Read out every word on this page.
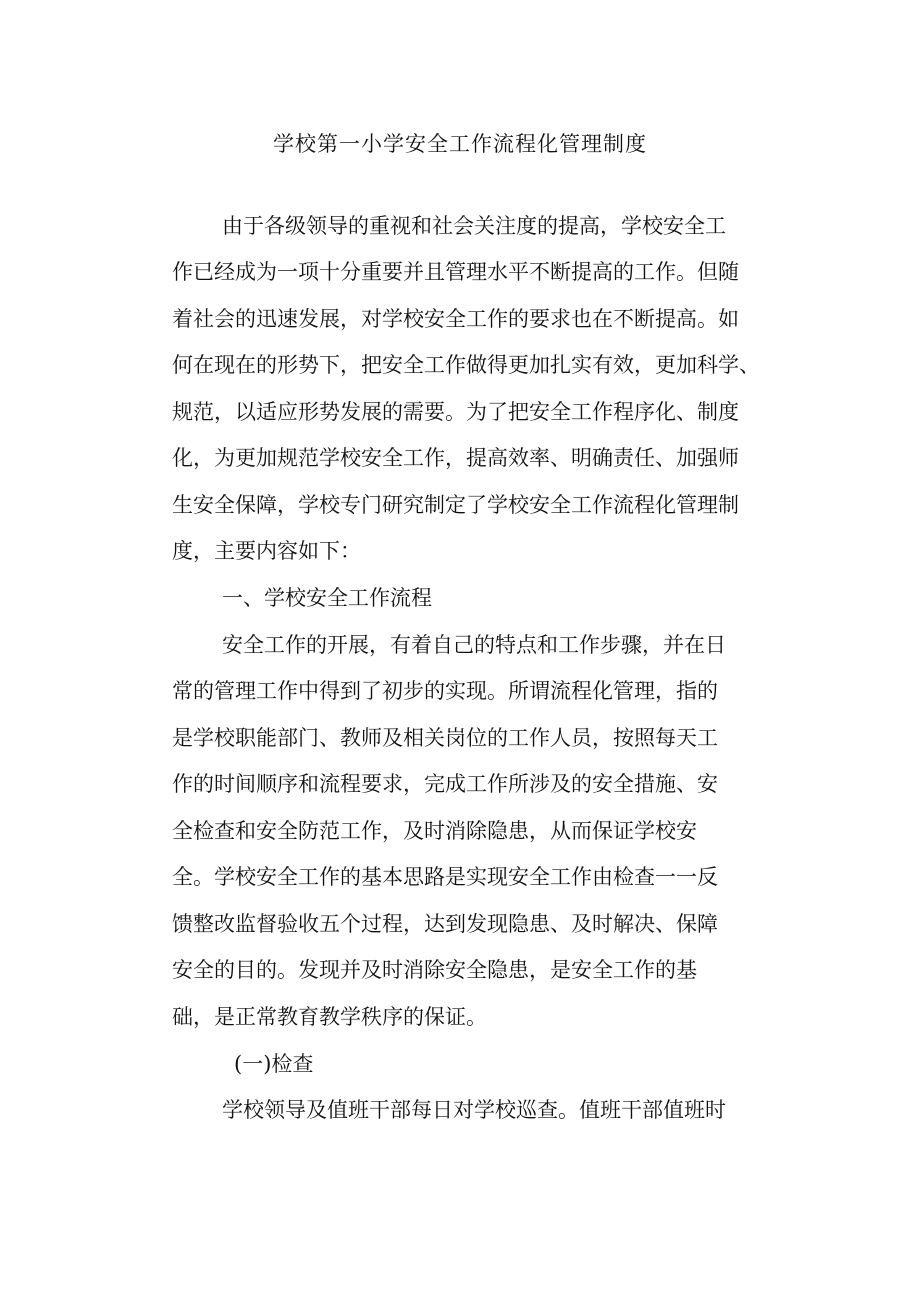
学校第一小学安全工作流程化管理制度
由于各级领导的重视和社会关注度的提高，学校安全工
作已经成为一项十分重要并且管理水平不断提高的工作。但随
着社会的迅速发展，对学校安全工作的要求也在不断提高。如
何在现在的形势下，把安全工作做得更加扎实有效，更加科学、
规范，以适应形势发展的需要。为了把安全工作程序化、制度
化，为更加规范学校安全工作，提高效率、明确责任、加强师
生安全保障，学校专门研究制定了学校安全工作流程化管理制
度，主要内容如下：
一、学校安全工作流程
安全工作的开展，有着自己的特点和工作步骤，并在日
常的管理工作中得到了初步的实现。所谓流程化管理，指的
是学校职能部门、教师及相关岗位的工作人员，按照每天工
作的时间顺序和流程要求，完成工作所涉及的安全措施、安
全检查和安全防范工作，及时消除隐患，从而保证学校安
全。学校安全工作的基本思路是实现安全工作由检查一一反
馈整改监督验收五个过程，达到发现隐患、及时解决、保障
安全的目的。发现并及时消除安全隐患，是安全工作的基
础，是正常教育教学秩序的保证。
(一)检查
学校领导及值班干部每日对学校巡查。值班干部值班时
